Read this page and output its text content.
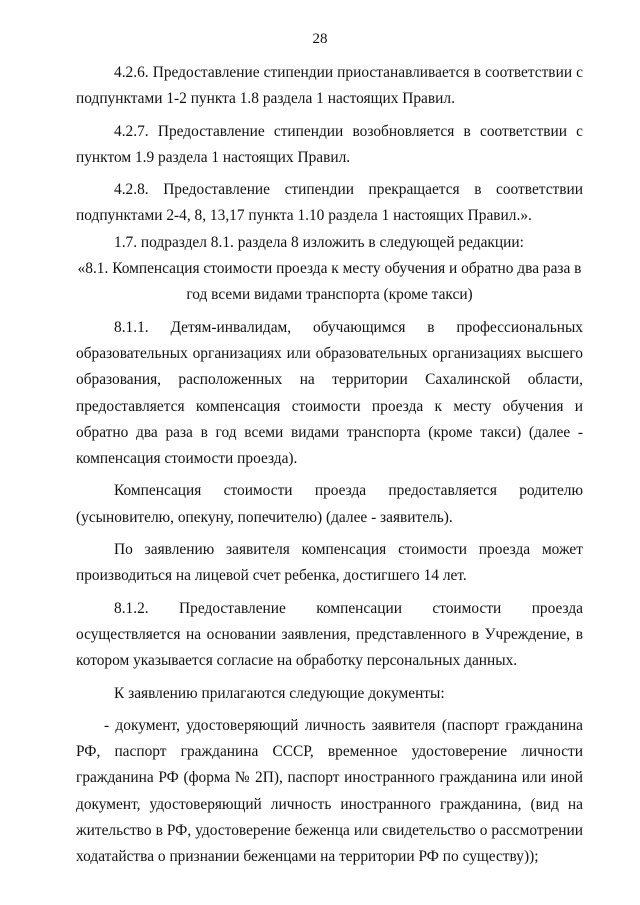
28

4.2.6. Предоставление стипендии приостанавливается в соответствии с подпунктами 1-2 пункта 1.8 раздела 1 настоящих Правил.

4.2.7. Предоставление стипендии возобновляется в соответствии с пунктом 1.9 раздела 1 настоящих Правил.

4.2.8. Предоставление стипендии прекращается в соответствии подпунктами 2-4, 8, 13,17 пункта 1.10 раздела 1 настоящих Правил.».

1.7. подраздел 8.1. раздела 8 изложить в следующей редакции:

«8.1. Компенсация стоимости проезда к месту обучения и обратно два раза в год всеми видами транспорта (кроме такси)

8.1.1. Детям-инвалидам, обучающимся в профессиональных образовательных организациях или образовательных организациях высшего образования, расположенных на территории Сахалинской области, предоставляется компенсация стоимости проезда к месту обучения и обратно два раза в год всеми видами транспорта (кроме такси) (далее - компенсация стоимости проезда).

Компенсация стоимости проезда предоставляется родителю (усыновителю, опекуну, попечителю) (далее - заявитель).

По заявлению заявителя компенсация стоимости проезда может производиться на лицевой счет ребенка, достигшего 14 лет.

8.1.2. Предоставление компенсации стоимости проезда осуществляется на основании заявления, представленного в Учреждение, в котором указывается согласие на обработку персональных данных.

К заявлению прилагаются следующие документы:

- документ, удостоверяющий личность заявителя (паспорт гражданина РФ, паспорт гражданина СССР, временное удостоверение личности гражданина РФ (форма № 2П), паспорт иностранного гражданина или иной документ, удостоверяющий личность иностранного гражданина, (вид на жительство в РФ, удостоверение беженца или свидетельство о рассмотрении ходатайства о признании беженцами на территории РФ по существу));
